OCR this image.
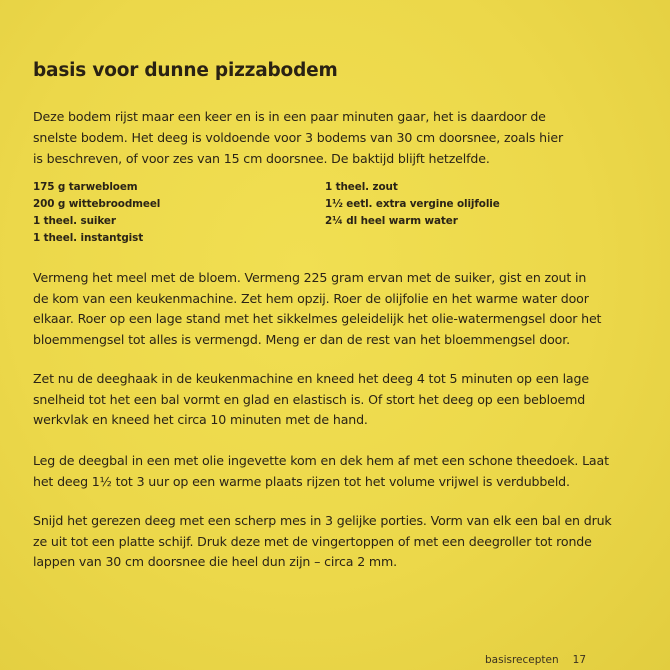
basis voor dunne pizzabodem
Deze bodem rijst maar een keer en is in een paar minuten gaar, het is daardoor de
snelste bodem. Het deeg is voldoende voor 3 bodems van 30 cm doorsnee, zoals hier
is beschreven, of voor zes van 15 cm doorsnee. De baktijd blijft hetzelfde.
175 g tarwebloem
200 g wittebroodmeel
1 theel. suiker
1 theel. instantgist
1 theel. zout
1½ eetl. extra vergine olijfolie
2¼ dl heel warm water
Vermeng het meel met de bloem. Vermeng 225 gram ervan met de suiker, gist en zout in
de kom van een keukenmachine. Zet hem opzij. Roer de olijfolie en het warme water door
elkaar. Roer op een lage stand met het sikkelmes geleidelijk het olie-watermengsel door het
bloemmengsel tot alles is vermengd. Meng er dan de rest van het bloemmengsel door.
Zet nu de deeghaak in de keukenmachine en kneed het deeg 4 tot 5 minuten op een lage
snelheid tot het een bal vormt en glad en elastisch is. Of stort het deeg op een bebloemd
werkvlak en kneed het circa 10 minuten met de hand.
Leg de deegbal in een met olie ingevette kom en dek hem af met een schone theedoek. Laat
het deeg 1½ tot 3 uur op een warme plaats rijzen tot het volume vrijwel is verdubbeld.
Snijd het gerezen deeg met een scherp mes in 3 gelijke porties. Vorm van elk een bal en druk
ze uit tot een platte schijf. Druk deze met de vingertoppen of met een deegroller tot ronde
lappen van 30 cm doorsnee die heel dun zijn – circa 2 mm.
basisrecepten 17
